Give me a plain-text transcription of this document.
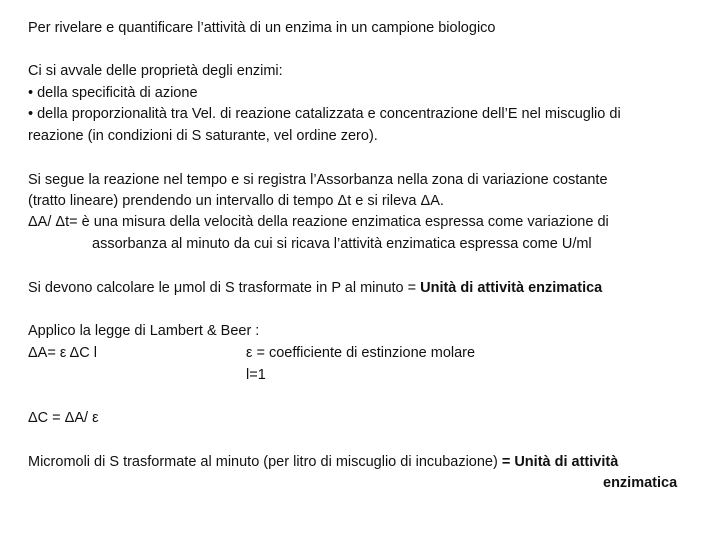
Per rivelare e quantificare l’attività di un enzima in un campione biologico
Ci si avvale delle proprietà degli enzimi:
• della specificità di azione
• della proporzionalità tra Vel. di reazione catalizzata e concentrazione dell’E nel miscuglio di
reazione (in condizioni di S saturante, vel ordine zero).
Si segue la reazione nel tempo e si registra l’Assorbanza nella zona di variazione costante
(tratto lineare) prendendo un intervallo di tempo Δt e si rileva ΔA.
ΔA/ Δt= è una misura della velocità della reazione enzimatica espressa come variazione di
assorbanza al minuto da cui si ricava l’attività enzimatica espressa come U/ml
Si devono calcolare le μmol di S trasformate in P al minuto = Unità di attività enzimatica
Applico la legge di Lambert & Beer :
ΔA= ε ΔC l	ε = coefficiente di estinzione molare
l=1
ΔC = ΔA/ ε
Micromoli di S trasformate al minuto (per litro di miscuglio di incubazione) = Unità di attività
enzimatica
